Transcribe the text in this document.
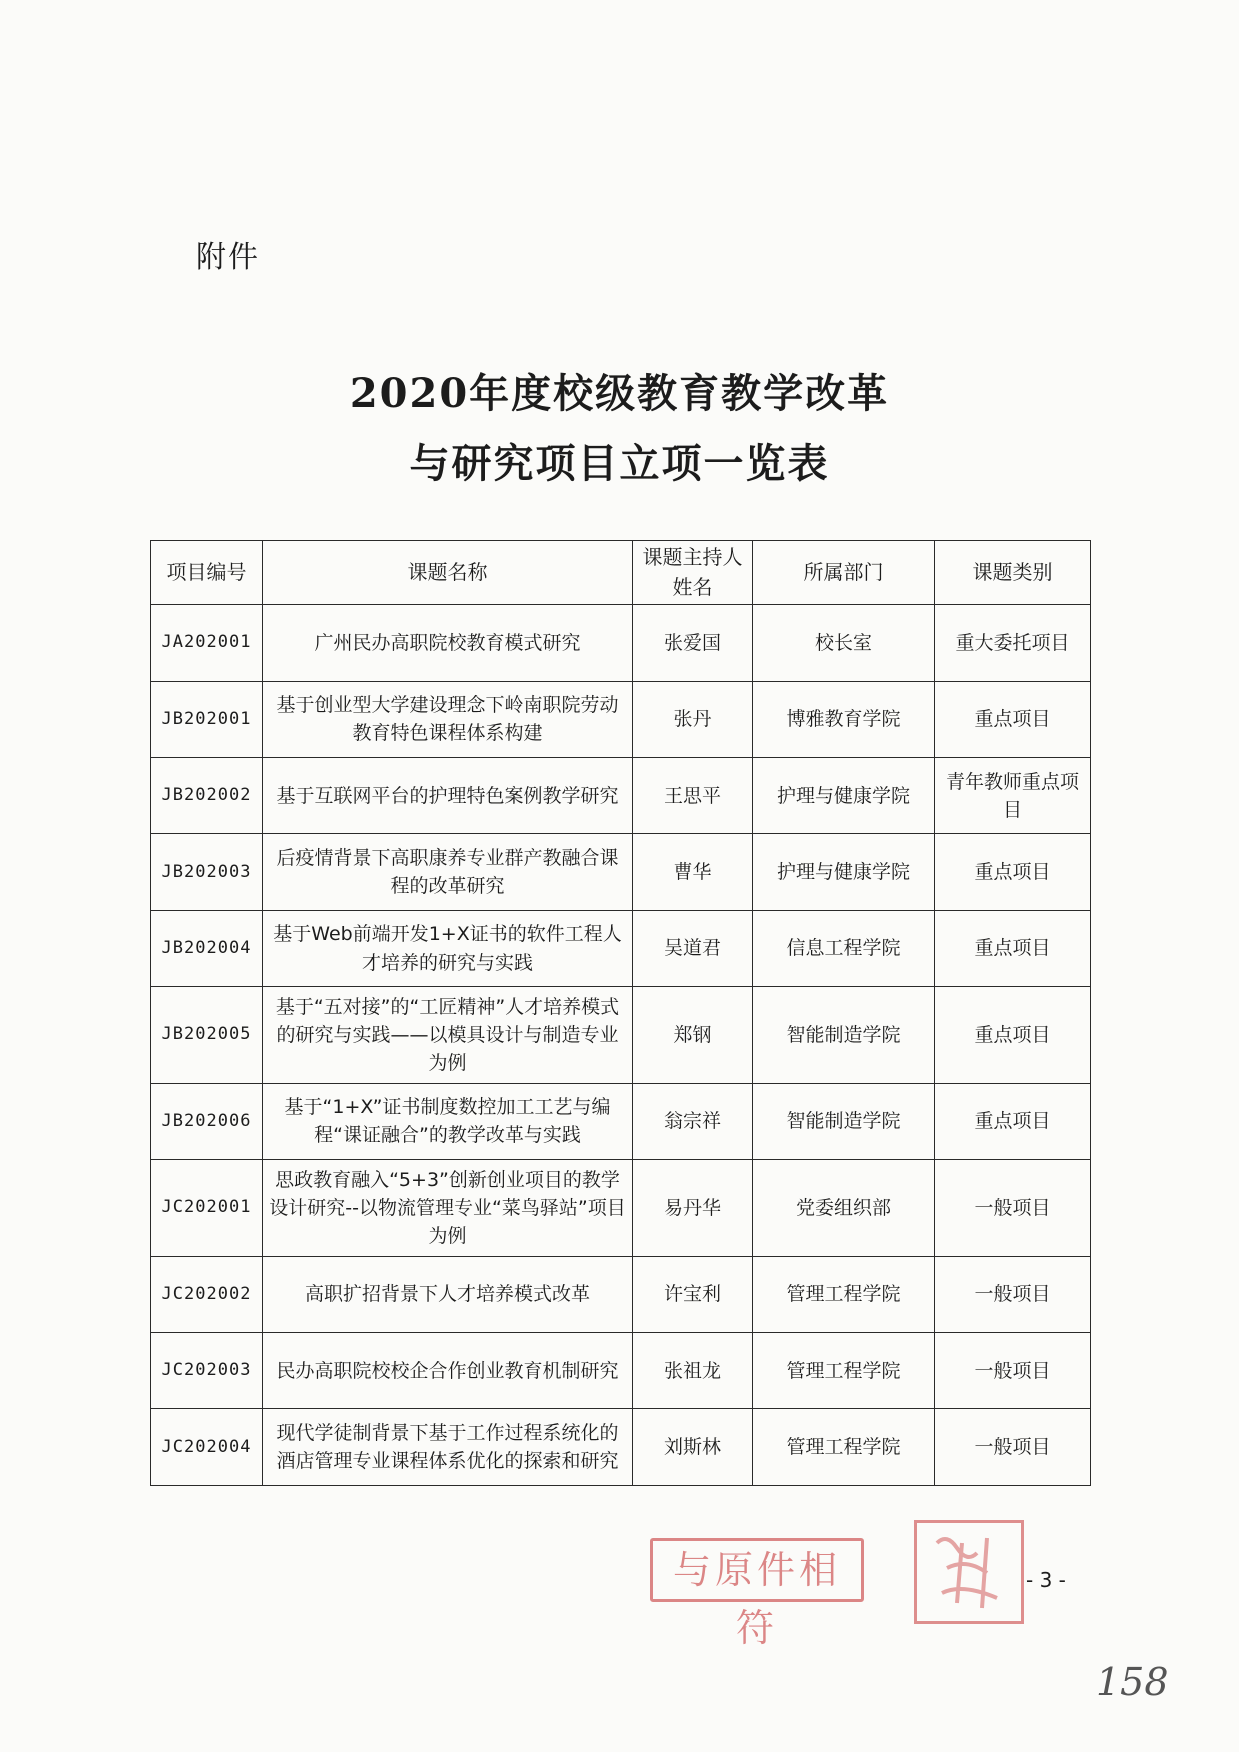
附件
2020年度校级教育教学改革
与研究项目立项一览表
项目编号	课题名称	课题主持人姓名	所属部门	课题类别
JA202001	广州民办高职院校教育模式研究	张爱国	校长室	重大委托项目
JB202001	基于创业型大学建设理念下岭南职院劳动教育特色课程体系构建	张丹	博雅教育学院	重点项目
JB202002	基于互联网平台的护理特色案例教学研究	王思平	护理与健康学院	青年教师重点项目
JB202003	后疫情背景下高职康养专业群产教融合课程的改革研究	曹华	护理与健康学院	重点项目
JB202004	基于Web前端开发1+X证书的软件工程人才培养的研究与实践	吴道君	信息工程学院	重点项目
JB202005	基于“五对接”的“工匠精神”人才培养模式的研究与实践——以模具设计与制造专业为例	郑钢	智能制造学院	重点项目
JB202006	基于“1+X”证书制度数控加工工艺与编程“课证融合”的教学改革与实践	翁宗祥	智能制造学院	重点项目
JC202001	思政教育融入“5+3”创新创业项目的教学设计研究--以物流管理专业“菜鸟驿站”项目为例	易丹华	党委组织部	一般项目
JC202002	高职扩招背景下人才培养模式改革	许宝利	管理工程学院	一般项目
JC202003	民办高职院校校企合作创业教育机制研究	张祖龙	管理工程学院	一般项目
JC202004	现代学徒制背景下基于工作过程系统化的酒店管理专业课程体系优化的探索和研究	刘斯林	管理工程学院	一般项目
与原件相符
- 3 -
158
